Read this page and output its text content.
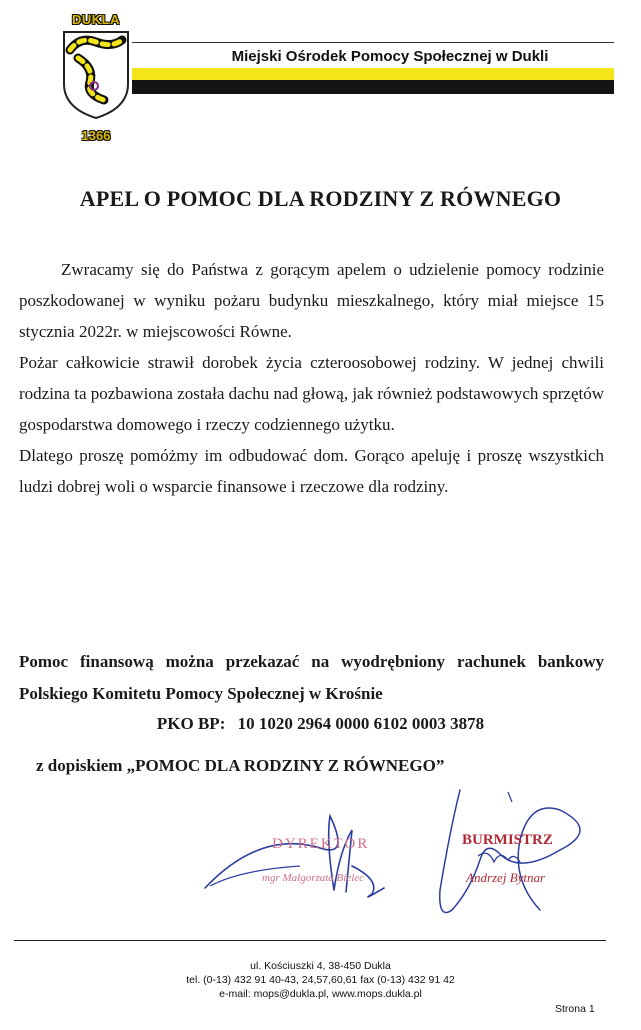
DUKLA
1366
Miejski Ośrodek Pomocy Społecznej w Dukli
APEL O POMOC DLA RODZINY Z RÓWNEGO

Zwracamy się do Państwa z gorącym apelem o udzielenie pomocy rodzinie poszkodowanej w wyniku pożaru budynku mieszkalnego, który miał miejsce 15 stycznia 2022r. w miejscowości Równe.

Pożar całkowicie strawił dorobek życia czteroosobowej rodziny. W jednej chwili rodzina ta pozbawiona została dachu nad głową, jak również podstawowych sprzętów gospodarstwa domowego i rzeczy codziennego użytku.

Dlatego proszę pomóżmy im odbudować dom. Gorąco apeluję i proszę wszystkich ludzi dobrej woli o wsparcie finansowe i rzeczowe dla rodziny.

Pomoc finansową można przekazać na wyodrębniony rachunek bankowy Polskiego Komitetu Pomocy Społecznej w Krośnie

PKO BP: 10 1020 2964 0000 6102 0003 3878
z dopiskiem „POMOC DLA RODZINY Z RÓWNEGO”
DYREKTOR
mgr Małgorzata Bielec
BURMISTRZ
Andrzej Bytnar
ul. Kościuszki 4, 38-450 Dukla
tel. (0-13) 432 91 40-43, 24,57,60,61 fax (0-13) 432 91 42
e-mail: mops@dukla.pl, www.mops.dukla.pl
Strona 1
